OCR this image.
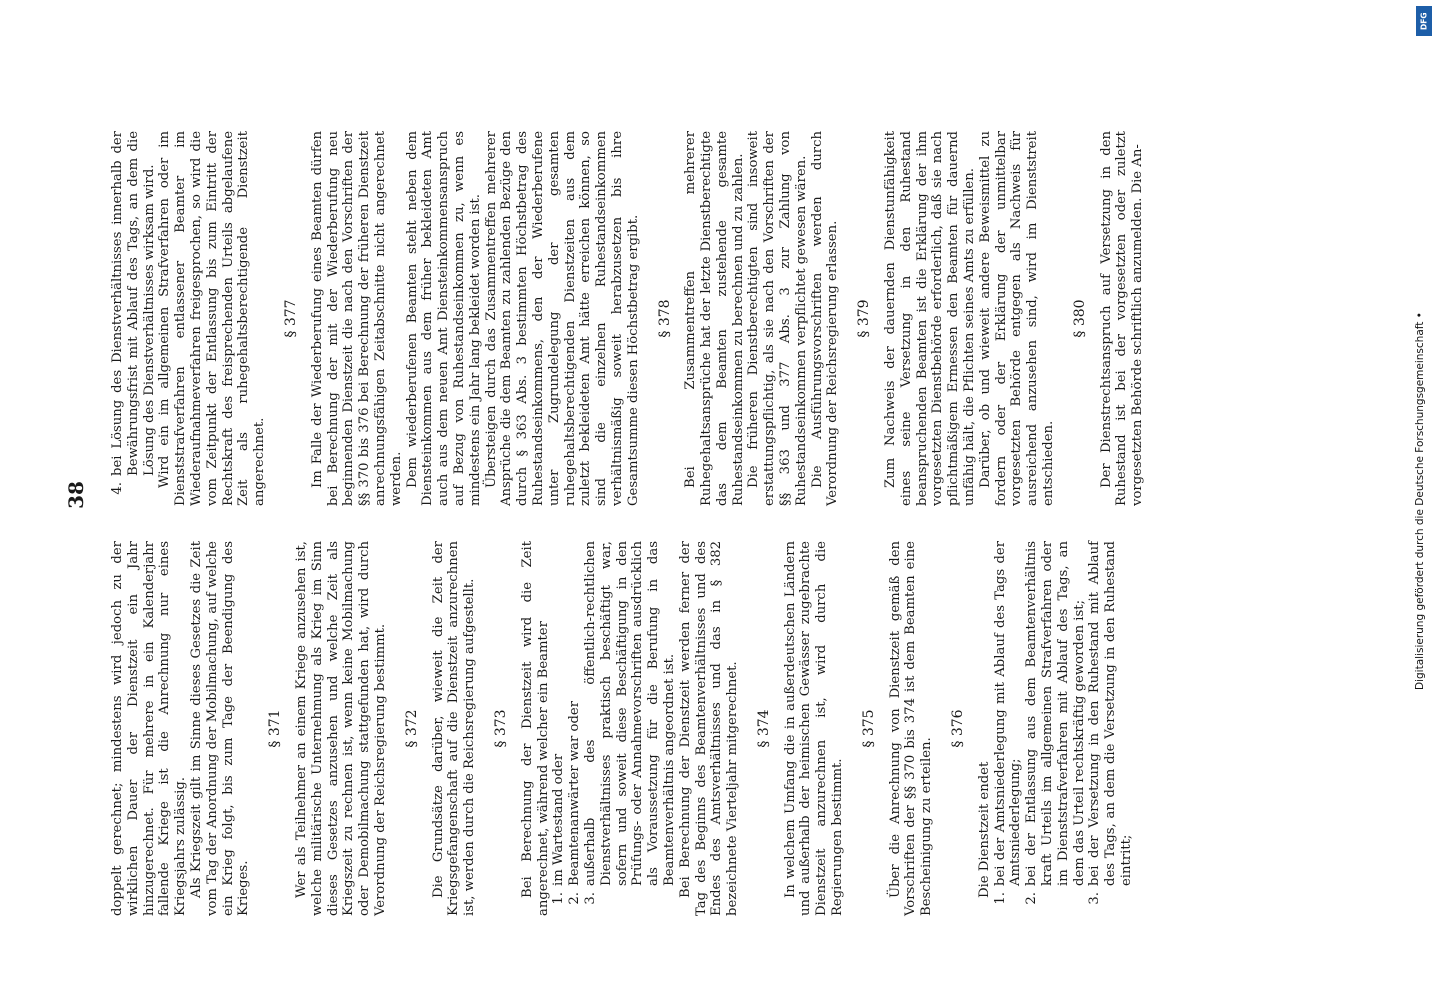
38

doppelt gerechnet; mindestens wird jedoch zu der wirklichen Dauer der Dienstzeit ein Jahr hinzugerechnet. Für mehrere in ein Kalenderjahr fallende Kriege ist die Anrechnung nur eines Kriegsjahrs zulässig. Als Kriegszeit gilt im Sinne dieses Gesetzes die Zeit vom Tag der Anordnung der Mobilmachung, auf welche ein Krieg folgt, bis zum Tage der Beendigung des Krieges.

§ 371 Wer als Teilnehmer an einem Kriege anzusehen ist, welche militärische Unternehmung als Krieg im Sinn dieses Gesetzes anzusehen und welche Zeit als Kriegszeit zu rechnen ist, wenn keine Mobilmachung oder Demobilmachung stattgefunden hat, wird durch Verordnung der Reichsregierung bestimmt. § 372 Die Grundsätze darüber, wieweit die Zeit der Kriegsgefangenschaft auf die Dienstzeit anzurechnen ist, werden durch die Reichsregierung aufgestellt. § 373 Bei Berechnung der Dienstzeit wird die Zeit angerechnet, während welcher ein Beamter 1.
im Wartestand oder
2.
Beamtenanwärter war oder
3.
außerhalb des öffentlich-rechtlichen Dienstverhältnisses praktisch beschäftigt war, sofern und soweit diese Beschäftigung in den Prüfungs- oder Annahmevorschriften ausdrücklich als Voraussetzung für die Berufung in das Beamtenverhältnis angeordnet ist. Bei Berechnung der Dienstzeit werden ferner der Tag des Beginns des Beamtenverhältnisses und des Endes des Amtsverhältnisses und das in § 382 bezeichnete Vierteljahr mitgerechnet. § 374 In welchem Umfang die in außerdeutschen Ländern und außerhalb der heimischen Gewässer zugebrachte Dienstzeit anzurechnen ist, wird durch die Regierungen bestimmt.

§ 375 Über die Anrechnung von Dienstzeit gemäß den Vorschriften der §§ 370 bis 374 ist dem Beamten eine Bescheinigung zu erteilen.

§ 376

Die Dienstzeit endet

1.
bei der Amtsniederlegung mit Ablauf des Tags der Amtsniederlegung;
2.
bei der Entlassung aus dem Beamtenverhältnis kraft Urteils im allgemeinen Strafverfahren oder im Dienststrafverfahren mit Ablauf des Tags, an dem das Urteil rechtskräftig geworden ist;
3.
bei der Versetzung in den Ruhestand mit Ablauf des Tags, an dem die Versetzung in den Ruhestand eintritt;
4.
bei Lösung des Dienstverhältnisses innerhalb der Bewährungsfrist mit Ablauf des Tags, an dem die Lösung des Dienstverhältnisses wirksam wird. Wird ein im allgemeinen Strafverfahren oder im Dienststrafverfahren entlassener Beamter im Wiederaufnahmeverfahren freigesprochen, so wird die vom Zeitpunkt der Entlassung bis zum Eintritt der Rechtskraft des freisprechenden Urteils abgelaufene Zeit als ruhegehaltsberechtigende Dienstzeit angerechnet.

§ 377 Im Falle der Wiederberufung eines Beamten dürfen bei Berechnung der mit der Wiederberufung neu beginnenden Dienstzeit die nach den Vorschriften der §§ 370 bis 376 bei Berechnung der früheren Dienstzeit anrechnungsfähigen Zeitabschnitte nicht angerechnet werden. Dem wiederberufenen Beamten steht neben dem Diensteinkommen aus dem früher bekleideten Amt auch aus dem neuen Amt Diensteinkommensanspruch auf Bezug von Ruhestandseinkommen zu, wenn es mindestens ein Jahr lang bekleidet worden ist. Übersteigen durch das Zusammentreffen mehrerer Ansprüche die dem Beamten zu zahlenden Bezüge den durch § 363 Abs. 3 bestimmten Höchstbetrag des Ruhestandseinkommens, den der Wiederberufene unter Zugrundelegung der gesamten ruhegehaltsberechtigenden Dienstzeiten aus dem zuletzt bekleideten Amt hätte erreichen können, so sind die einzelnen Ruhestandseinkommen verhältnismäßig soweit herabzusetzen bis ihre Gesamtsumme diesen Höchstbetrag ergibt. § 378 Bei Zusammentreffen mehrerer Ruhegehaltsansprüche hat der letzte Dienstberechtigte das dem Beamten zustehende gesamte Ruhestandseinkommen zu berechnen und zu zahlen. Die früheren Dienstberechtigten sind insoweit erstattungspflichtig, als sie nach den Vorschriften der §§ 363 und 377 Abs. 3 zur Zahlung von Ruhestandseinkommen verpflichtet gewesen wären. Die Ausführungsvorschriften werden durch Verordnung der Reichsregierung erlassen. § 379 Zum Nachweis der dauernden Dienstunfähigkeit eines seine Versetzung in den Ruhestand beanspruchenden Beamten ist die Erklärung der ihm vorgesetzten Dienstbehörde erforderlich, daß sie nach pflichtmäßigem Ermessen den Beamten für dauernd unfähig hält, die Pflichten seines Amts zu erfüllen. Darüber, ob und wieweit andere Beweismittel zu fordern oder der Erklärung der unmittelbar vorgesetzten Behörde entgegen als Nachweis für ausreichend anzusehen sind, wird im Dienststreit entschieden.

§ 380 Der Dienstrechtsanspruch auf Versetzung in den Ruhestand ist bei der vorgesetzten oder zuletzt vorgesetzten Behörde schriftlich anzumelden. Die An-	Digitalisierung gefördert durch die Deutsche Forschungsgemeinschaft •
DFG
